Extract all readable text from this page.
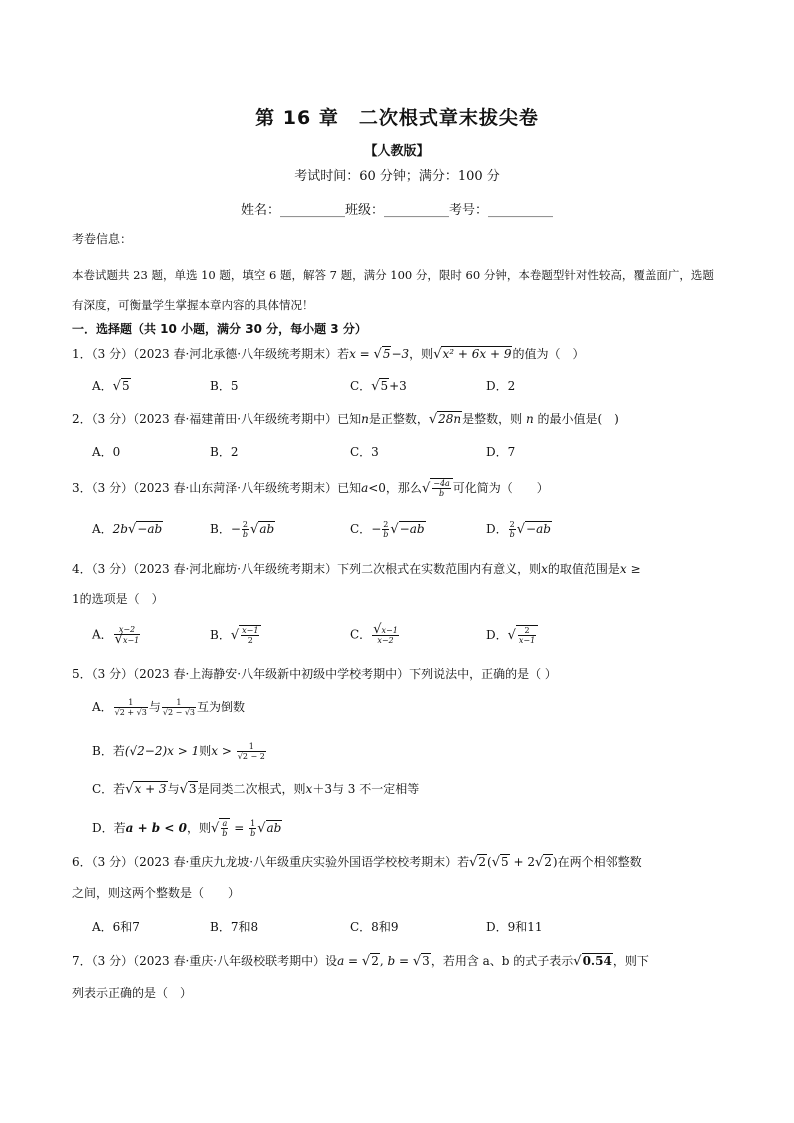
第 16 章　二次根式章末拔尖卷
【人教版】
考试时间：60 分钟；满分：100 分
姓名：__________班级：__________考号：__________
考卷信息：
本卷试题共 23 题，单选 10 题，填空 6 题，解答 7 题，满分 100 分，限时 60 分钟，本卷题型针对性较高，覆盖面广，选题有深度，可衡量学生掌握本章内容的具体情况！
一．选择题（共 10 小题，满分 30 分，每小题 3 分）
1．（3 分）（2023 春·河北承德·八年级统考期末）若x = √5−3，则√x² + 6x + 9的值为（　）
A．√5	B．5	C．√5+3	D．2
2．（3 分）（2023 春·福建莆田·八年级统考期中）已知n是正整数，√28n是整数，则 n 的最小值是(　)
A．0	B．2	C．3	D．7
3．（3 分）（2023 春·山东菏泽·八年级统考期末）已知a<0，那么√ $\frac{-4a}{b}$ 可化简为（　　）
A．2b√−ab	B．− $\frac{2}{b} √ab$	C．− $\frac{2}{b} √-ab$	D． $\frac{2}{b} √-ab$
4．（3 分）（2023 春·河北廊坊·八年级统考期末）下列二次根式在实数范围内有意义，则x的取值范围是x ≥
1的选项是（　）
A． $\frac{x-2}{√x-1}$	B．√ $\frac{x-1}{2}$	C． $\frac{√x-1}{x-2}$	D．√ $\frac{2}{x-1}$
5．（3 分）（2023 春·上海静安·八年级新中初级中学校考期中）下列说法中，正确的是（ ）
A． $\frac{1}{√2 + √3}$ 与 $\frac{1}{√2 - √3}$ 互为倒数
B．若(√2−2)x > 1则$x > \frac{1}{√2 - 2}$
C．若√x + 3与√3是同类二次根式，则x＋3与 3 不一定相等
D．若a + b < 0，则√ $\frac{a}{b} = \frac{1}{b} √ab$
6．（3 分）（2023 春·重庆九龙坡·八年级重庆实验外国语学校校考期末）若√2(√5 + 2√2)在两个相邻整数
之间，则这两个整数是（　　）
A．6和7	B．7和8	C．8和9	D．9和11
7．（3 分）（2023 春·重庆·八年级校联考期中）设a = √2, b = √3，若用含 a、b 的式子表示√0.54，则下
列表示正确的是（　）
